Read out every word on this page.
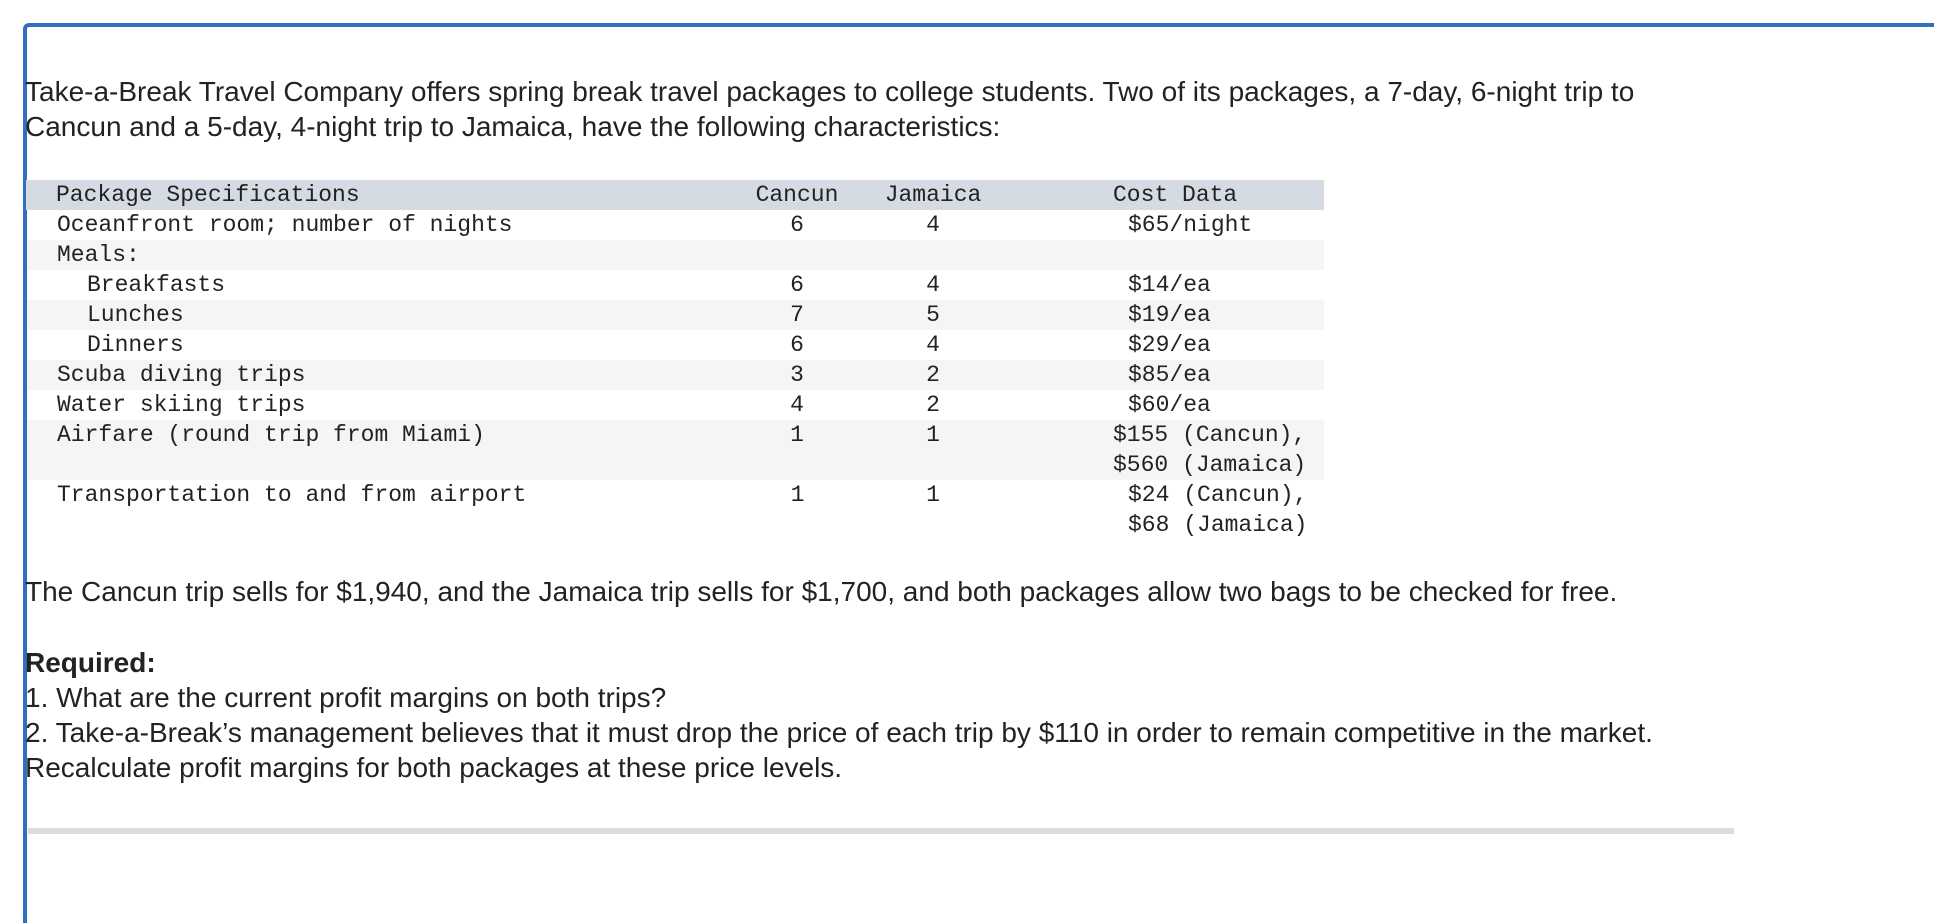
Take-a-Break Travel Company offers spring break travel packages to college students. Two of its packages, a 7-day, 6-night trip to

Cancun and a 5-day, 4-night trip to Jamaica, have the following characteristics:

Package Specifications	Cancun	Jamaica	Cost Data
Oceanfront room; number of nights	6	4	$65/night
Meals:			
Breakfasts	6	4	$14/ea
Lunches	7	5	$19/ea
Dinners	6	4	$29/ea
Scuba diving trips	3	2	$85/ea
Water skiing trips	4	2	$60/ea
Airfare (round trip from Miami)	1	1	$155 (Cancun),
$560 (Jamaica)

Transportation to and from airport	1	1	$24 (Cancun),
$68 (Jamaica)

The Cancun trip sells for $1,940, and the Jamaica trip sells for $1,700, and both packages allow two bags to be checked for free.

Required:

1. What are the current profit margins on both trips?

2. Take-a-Break’s management believes that it must drop the price of each trip by $110 in order to remain competitive in the market.

Recalculate profit margins for both packages at these price levels.
